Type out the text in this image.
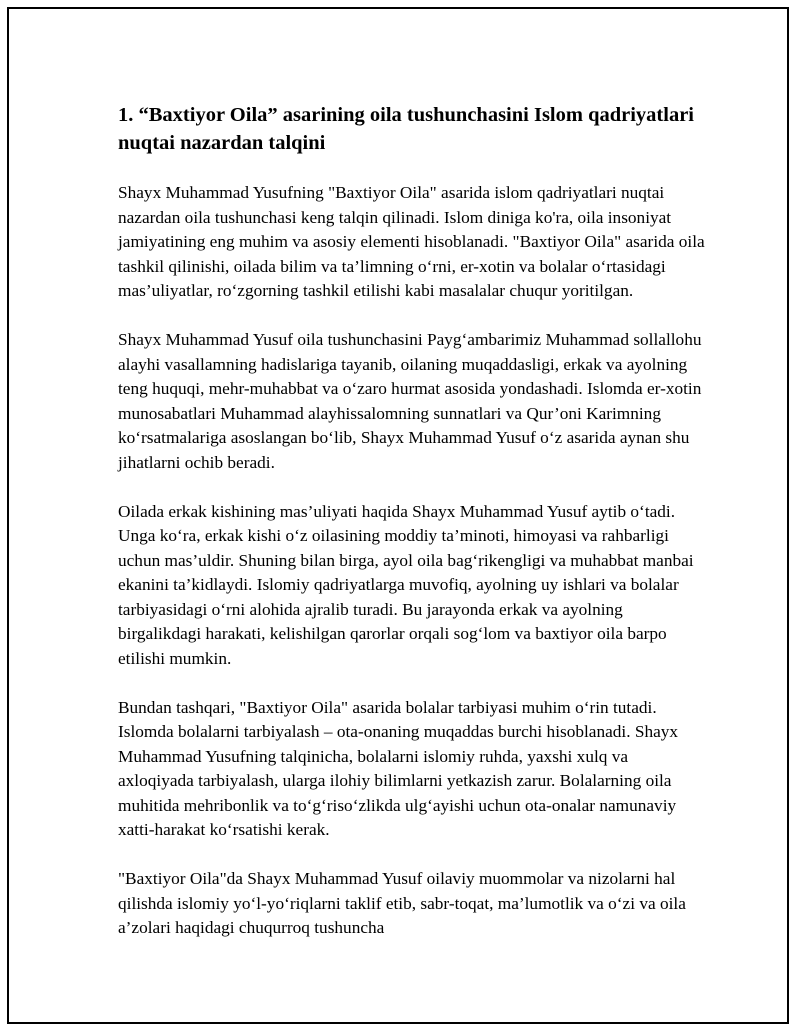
1. “Baxtiyor Oila” asarining oila tushunchasini Islom qadriyatlari nuqtai nazardan talqini

Shayx Muhammad Yusufning "Baxtiyor Oila" asarida islom qadriyatlari nuqtai nazardan oila tushunchasi keng talqin qilinadi. Islom diniga ko'ra, oila insoniyat jamiyatining eng muhim va asosiy elementi hisoblanadi. "Baxtiyor Oila" asarida oila tashkil qilinishi, oilada bilim va ta’limning o‘rni, er-xotin va bolalar o‘rtasidagi mas’uliyatlar, ro‘zgorning tashkil etilishi kabi masalalar chuqur yoritilgan.

Shayx Muhammad Yusuf oila tushunchasini Payg‘ambarimiz Muhammad sollallohu alayhi vasallamning hadislariga tayanib, oilaning muqaddasligi, erkak va ayolning teng huquqi, mehr-muhabbat va o‘zaro hurmat asosida yondashadi. Islomda er-xotin munosabatlari Muhammad alayhissalomning sunnatlari va Qur’oni Karimning ko‘rsatmalariga asoslangan bo‘lib, Shayx Muhammad Yusuf o‘z asarida aynan shu jihatlarni ochib beradi.

Oilada erkak kishining mas’uliyati haqida Shayx Muhammad Yusuf aytib o‘tadi. Unga ko‘ra, erkak kishi o‘z oilasining moddiy ta’minoti, himoyasi va rahbarligi uchun mas’uldir. Shuning bilan birga, ayol oila bag‘rikengligi va muhabbat manbai ekanini ta’kidlaydi. Islomiy qadriyatlarga muvofiq, ayolning uy ishlari va bolalar tarbiyasidagi o‘rni alohida ajralib turadi. Bu jarayonda erkak va ayolning birgalikdagi harakati, kelishilgan qarorlar orqali sog‘lom va baxtiyor oila barpo etilishi mumkin.

Bundan tashqari, "Baxtiyor Oila" asarida bolalar tarbiyasi muhim o‘rin tutadi. Islomda bolalarni tarbiyalash – ota-onaning muqaddas burchi hisoblanadi. Shayx Muhammad Yusufning talqinicha, bolalarni islomiy ruhda, yaxshi xulq va axloqiyada tarbiyalash, ularga ilohiy bilimlarni yetkazish zarur. Bolalarning oila muhitida mehribonlik va to‘g‘riso‘zlikda ulg‘ayishi uchun ota-onalar namunaviy xatti-harakat ko‘rsatishi kerak.

"Baxtiyor Oila"da Shayx Muhammad Yusuf oilaviy muommolar va nizolarni hal qilishda islomiy yo‘l-yo‘riqlarni taklif etib, sabr-toqat, ma’lumotlik va o‘zi va oila a’zolari haqidagi chuqurroq tushuncha
